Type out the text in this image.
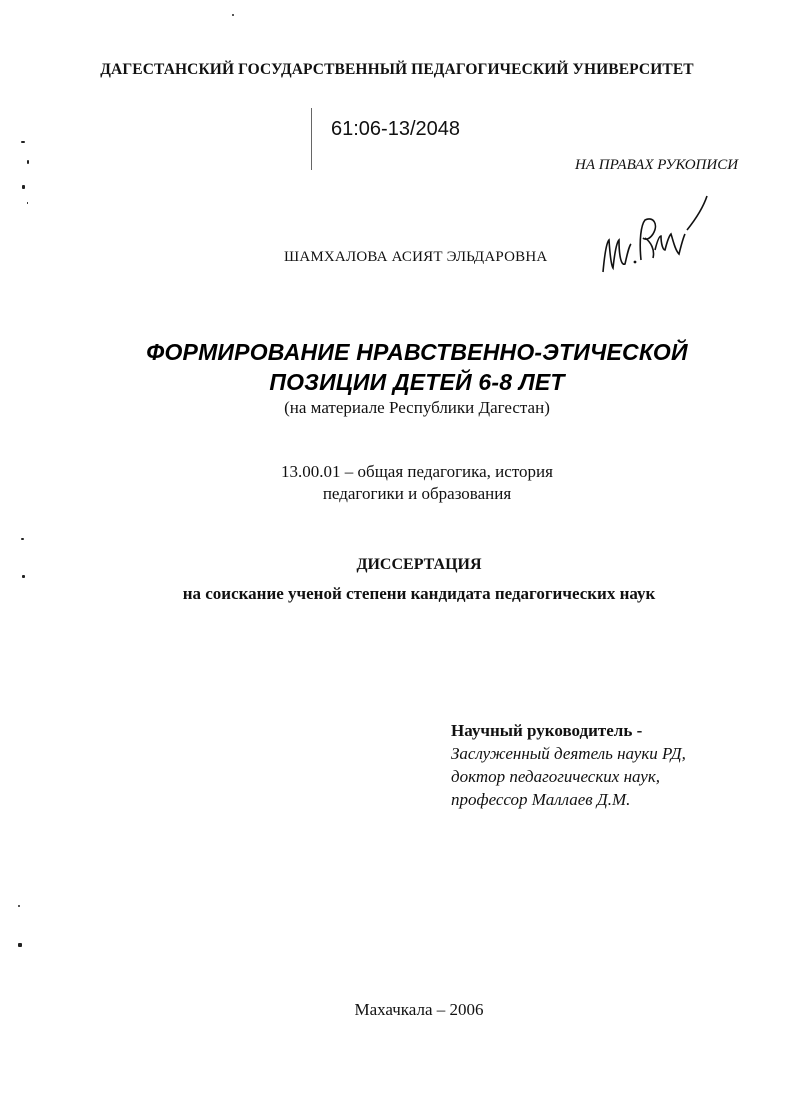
ДАГЕСТАНСКИЙ ГОСУДАРСТВЕННЫЙ ПЕДАГОГИЧЕСКИЙ УНИВЕРСИТЕТ
61:06-13/2048
НА ПРАВАХ РУКОПИСИ
ШАМХАЛОВА АСИЯТ ЭЛЬДАРОВНА
ФОРМИРОВАНИЕ НРАВСТВЕННО-ЭТИЧЕСКОЙ
ПОЗИЦИИ ДЕТЕЙ 6-8 ЛЕТ
(на материале Республики Дагестан)
13.00.01 – общая педагогика, история
педагогики и образования
ДИССЕРТАЦИЯ
на соискание ученой степени кандидата педагогических наук
Научный руководитель -
Заслуженный деятель науки РД,
доктор педагогических наук,
профессор Маллаев Д.М.
Махачкала – 2006
